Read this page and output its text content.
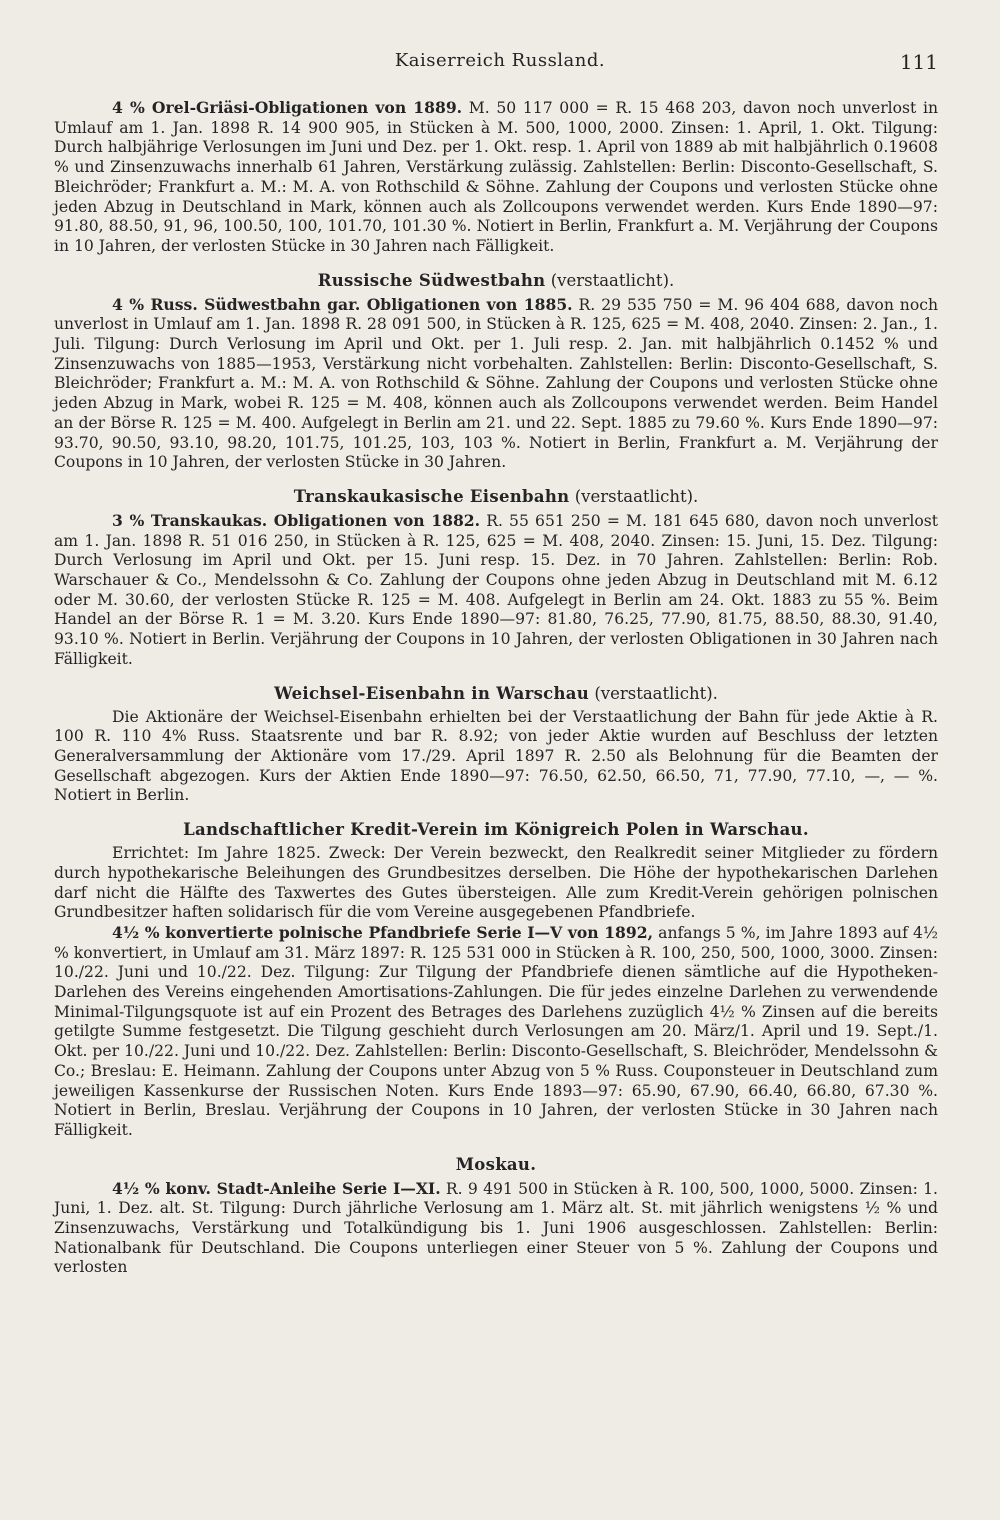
Kaiserreich Russland.	111

4 % Orel-Griäsi-Obligationen von 1889. M. 50 117 000 = R. 15 468 203, davon noch unverlost in Umlauf am 1. Jan. 1898 R. 14 900 905, in Stücken à M. 500, 1000, 2000. Zinsen: 1. April, 1. Okt. Tilgung: Durch halbjährige Verlosungen im Juni und Dez. per 1. Okt. resp. 1. April von 1889 ab mit halbjährlich 0.19608 % und Zinsenzuwachs innerhalb 61 Jahren, Verstärkung zulässig. Zahlstellen: Berlin: Disconto-Gesellschaft, S. Bleichröder; Frankfurt a. M.: M. A. von Rothschild & Söhne. Zahlung der Coupons und verlosten Stücke ohne jeden Abzug in Deutschland in Mark, können auch als Zollcoupons verwendet werden. Kurs Ende 1890—97: 91.80, 88.50, 91, 96, 100.50, 100, 101.70, 101.30 %. Notiert in Berlin, Frankfurt a. M. Verjährung der Coupons in 10 Jahren, der verlosten Stücke in 30 Jahren nach Fälligkeit.

Russische Südwestbahn (verstaatlicht).

4 % Russ. Südwestbahn gar. Obligationen von 1885. R. 29 535 750 = M. 96 404 688, davon noch unverlost in Umlauf am 1. Jan. 1898 R. 28 091 500, in Stücken à R. 125, 625 = M. 408, 2040. Zinsen: 2. Jan., 1. Juli. Tilgung: Durch Verlosung im April und Okt. per 1. Juli resp. 2. Jan. mit halbjährlich 0.1452 % und Zinsenzuwachs von 1885—1953, Verstärkung nicht vorbehalten. Zahlstellen: Berlin: Disconto-Gesellschaft, S. Bleichröder; Frankfurt a. M.: M. A. von Rothschild & Söhne. Zahlung der Coupons und verlosten Stücke ohne jeden Abzug in Mark, wobei R. 125 = M. 408, können auch als Zollcoupons verwendet werden. Beim Handel an der Börse R. 125 = M. 400. Aufgelegt in Berlin am 21. und 22. Sept. 1885 zu 79.60 %. Kurs Ende 1890—97: 93.70, 90.50, 93.10, 98.20, 101.75, 101.25, 103, 103 %. Notiert in Berlin, Frankfurt a. M. Verjährung der Coupons in 10 Jahren, der verlosten Stücke in 30 Jahren.

Transkaukasische Eisenbahn (verstaatlicht).

3 % Transkaukas. Obligationen von 1882. R. 55 651 250 = M. 181 645 680, davon noch unverlost am 1. Jan. 1898 R. 51 016 250, in Stücken à R. 125, 625 = M. 408, 2040. Zinsen: 15. Juni, 15. Dez. Tilgung: Durch Verlosung im April und Okt. per 15. Juni resp. 15. Dez. in 70 Jahren. Zahlstellen: Berlin: Rob. Warschauer & Co., Mendelssohn & Co. Zahlung der Coupons ohne jeden Abzug in Deutschland mit M. 6.12 oder M. 30.60, der verlosten Stücke R. 125 = M. 408. Aufgelegt in Berlin am 24. Okt. 1883 zu 55 %. Beim Handel an der Börse R. 1 = M. 3.20. Kurs Ende 1890—97: 81.80, 76.25, 77.90, 81.75, 88.50, 88.30, 91.40, 93.10 %. Notiert in Berlin. Verjährung der Coupons in 10 Jahren, der verlosten Obligationen in 30 Jahren nach Fälligkeit.

Weichsel-Eisenbahn in Warschau (verstaatlicht).

Die Aktionäre der Weichsel-Eisenbahn erhielten bei der Verstaatlichung der Bahn für jede Aktie à R. 100 R. 110 4% Russ. Staatsrente und bar R. 8.92; von jeder Aktie wurden auf Beschluss der letzten Generalversammlung der Aktionäre vom 17./29. April 1897 R. 2.50 als Belohnung für die Beamten der Gesellschaft abgezogen. Kurs der Aktien Ende 1890—97: 76.50, 62.50, 66.50, 71, 77.90, 77.10, —, — %. Notiert in Berlin.

Landschaftlicher Kredit-Verein im Königreich Polen in Warschau.

Errichtet: Im Jahre 1825. Zweck: Der Verein bezweckt, den Realkredit seiner Mitglieder zu fördern durch hypothekarische Beleihungen des Grundbesitzes derselben. Die Höhe der hypothekarischen Darlehen darf nicht die Hälfte des Taxwertes des Gutes übersteigen. Alle zum Kredit-Verein gehörigen polnischen Grundbesitzer haften solidarisch für die vom Vereine ausgegebenen Pfandbriefe.

4½ % konvertierte polnische Pfandbriefe Serie I—V von 1892, anfangs 5 %, im Jahre 1893 auf 4½ % konvertiert, in Umlauf am 31. März 1897: R. 125 531 000 in Stücken à R. 100, 250, 500, 1000, 3000. Zinsen: 10./22. Juni und 10./22. Dez. Tilgung: Zur Tilgung der Pfandbriefe dienen sämtliche auf die Hypotheken-Darlehen des Vereins eingehenden Amortisations-Zahlungen. Die für jedes einzelne Darlehen zu verwendende Minimal-Tilgungsquote ist auf ein Prozent des Betrages des Darlehens zuzüglich 4½ % Zinsen auf die bereits getilgte Summe festgesetzt. Die Tilgung geschieht durch Verlosungen am 20. März/1. April und 19. Sept./1. Okt. per 10./22. Juni und 10./22. Dez. Zahlstellen: Berlin: Disconto-Gesellschaft, S. Bleichröder, Mendelssohn & Co.; Breslau: E. Heimann. Zahlung der Coupons unter Abzug von 5 % Russ. Couponsteuer in Deutschland zum jeweiligen Kassenkurse der Russischen Noten. Kurs Ende 1893—97: 65.90, 67.90, 66.40, 66.80, 67.30 %. Notiert in Berlin, Breslau. Verjährung der Coupons in 10 Jahren, der verlosten Stücke in 30 Jahren nach Fälligkeit.

Moskau.

4½ % konv. Stadt-Anleihe Serie I—XI. R. 9 491 500 in Stücken à R. 100, 500, 1000, 5000. Zinsen: 1. Juni, 1. Dez. alt. St. Tilgung: Durch jährliche Verlosung am 1. März alt. St. mit jährlich wenigstens ½ % und Zinsenzuwachs, Verstärkung und Totalkündigung bis 1. Juni 1906 ausgeschlossen. Zahlstellen: Berlin: Nationalbank für Deutschland. Die Coupons unterliegen einer Steuer von 5 %. Zahlung der Coupons und verlosten
